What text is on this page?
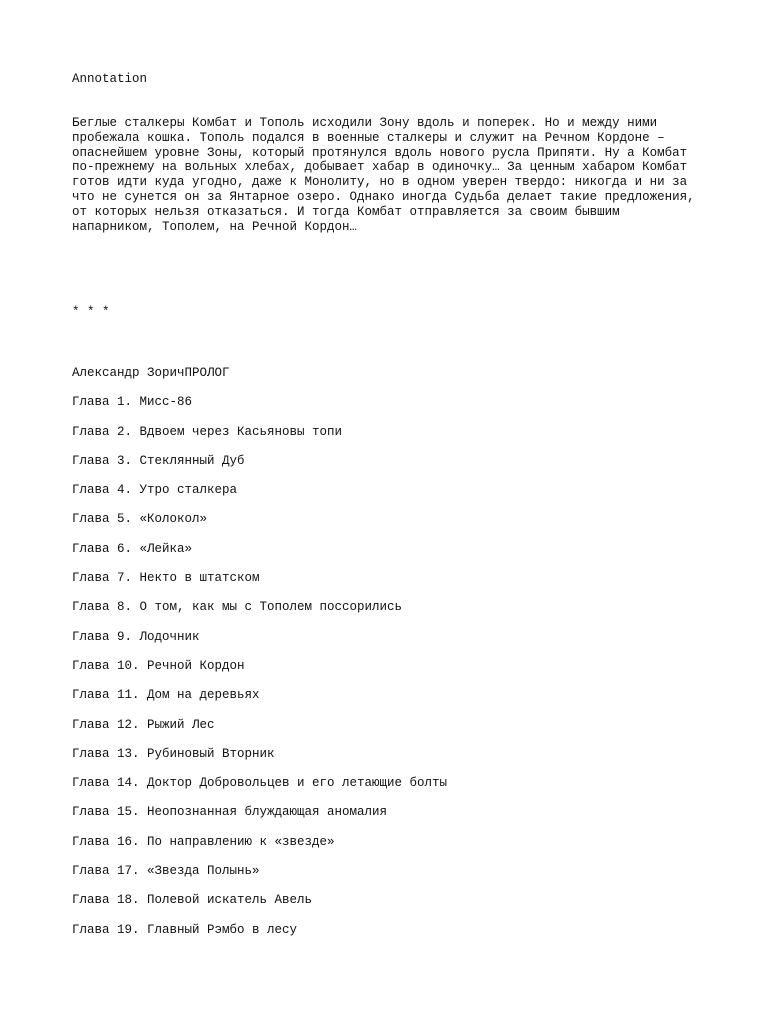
Annotation
Беглые сталкеры Комбат и Тополь исходили Зону вдоль и поперек. Но и между ними
пробежала кошка. Тополь подался в военные сталкеры и служит на Речном Кордоне –
опаснейшем уровне Зоны, который протянулся вдоль нового русла Припяти. Ну а Комбат
по-прежнему на вольных хлебах, добывает хабар в одиночку… За ценным хабаром Комбат
готов идти куда угодно, даже к Монолиту, но в одном уверен твердо: никогда и ни за
что не сунется он за Янтарное озеро. Однако иногда Судьба делает такие предложения,
от которых нельзя отказаться. И тогда Комбат отправляется за своим бывшим
напарником, Тополем, на Речной Кордон…
* * *
Александр ЗоричПРОЛОГ
Глава 1. Мисс-86
Глава 2. Вдвоем через Касьяновы топи
Глава 3. Стеклянный Дуб
Глава 4. Утро сталкера
Глава 5. «Колокол»
Глава 6. «Лейка»
Глава 7. Некто в штатском
Глава 8. О том, как мы с Тополем поссорились
Глава 9. Лодочник
Глава 10. Речной Кордон
Глава 11. Дом на деревьях
Глава 12. Рыжий Лес
Глава 13. Рубиновый Вторник
Глава 14. Доктор Добровольцев и его летающие болты
Глава 15. Неопознанная блуждающая аномалия
Глава 16. По направлению к «звезде»
Глава 17. «Звезда Полынь»
Глава 18. Полевой искатель Авель
Глава 19. Главный Рэмбо в лесу
